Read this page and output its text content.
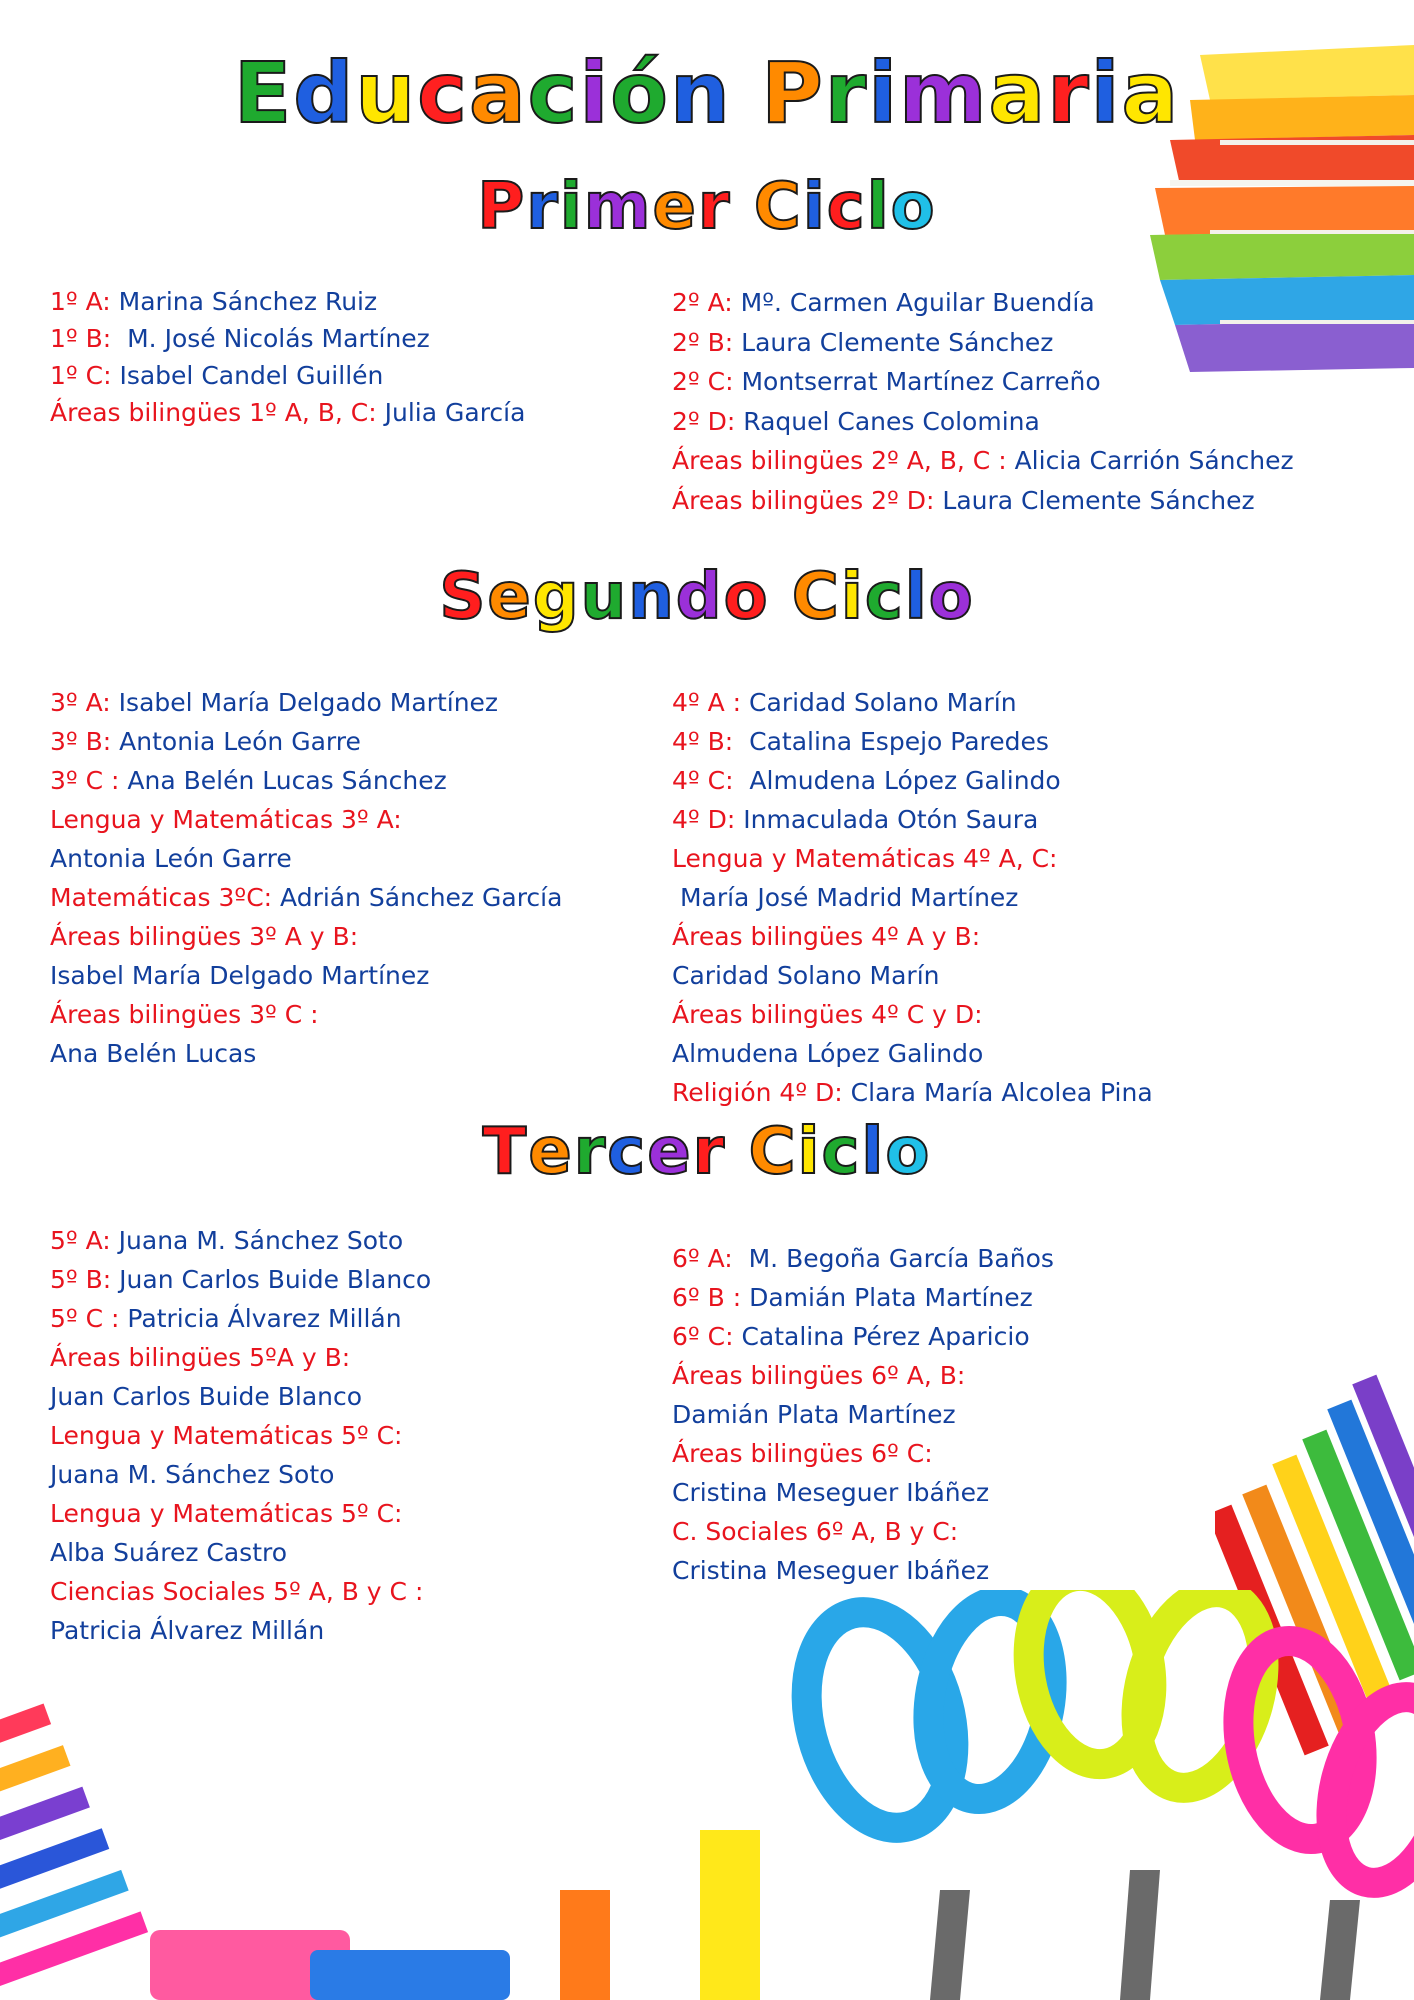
Educación Primaria
Primer Ciclo
Segundo Ciclo
Tercer Ciclo
1º A: Marina Sánchez Ruiz
1º B:  M. José Nicolás Martínez
1º C: Isabel Candel Guillén
Áreas bilingües 1º A, B, C: Julia García
2º A: Mº. Carmen Aguilar Buendía
2º B: Laura Clemente Sánchez
2º C: Montserrat Martínez Carreño
2º D: Raquel Canes Colomina
Áreas bilingües 2º A, B, C : Alicia Carrión Sánchez
Áreas bilingües 2º D: Laura Clemente Sánchez
3º A: Isabel María Delgado Martínez
3º B: Antonia León Garre
3º C : Ana Belén Lucas Sánchez
Lengua y Matemáticas 3º A:
Antonia León Garre
Matemáticas 3ºC: Adrián Sánchez García
Áreas bilingües 3º A y B:
Isabel María Delgado Martínez
Áreas bilingües 3º C :
Ana Belén Lucas
4º A : Caridad Solano Marín
4º B:  Catalina Espejo Paredes
4º C:  Almudena López Galindo
4º D: Inmaculada Otón Saura
Lengua y Matemáticas 4º A, C:
María José Madrid Martínez
Áreas bilingües 4º A y B:
Caridad Solano Marín
Áreas bilingües 4º C y D:
Almudena López Galindo
Religión 4º D: Clara María Alcolea Pina
5º A: Juana M. Sánchez Soto
5º B: Juan Carlos Buide Blanco
5º C : Patricia Álvarez Millán
Áreas bilingües 5ºA y B:
Juan Carlos Buide Blanco
Lengua y Matemáticas 5º C:
Juana M. Sánchez Soto
Lengua y Matemáticas 5º C:
Alba Suárez Castro
Ciencias Sociales 5º A, B y C :
Patricia Álvarez Millán
6º A:  M. Begoña García Baños
6º B : Damián Plata Martínez
6º C: Catalina Pérez Aparicio
Áreas bilingües 6º A, B:
Damián Plata Martínez
Áreas bilingües 6º C:
Cristina Meseguer Ibáñez
C. Sociales 6º A, B y C:
Cristina Meseguer Ibáñez
